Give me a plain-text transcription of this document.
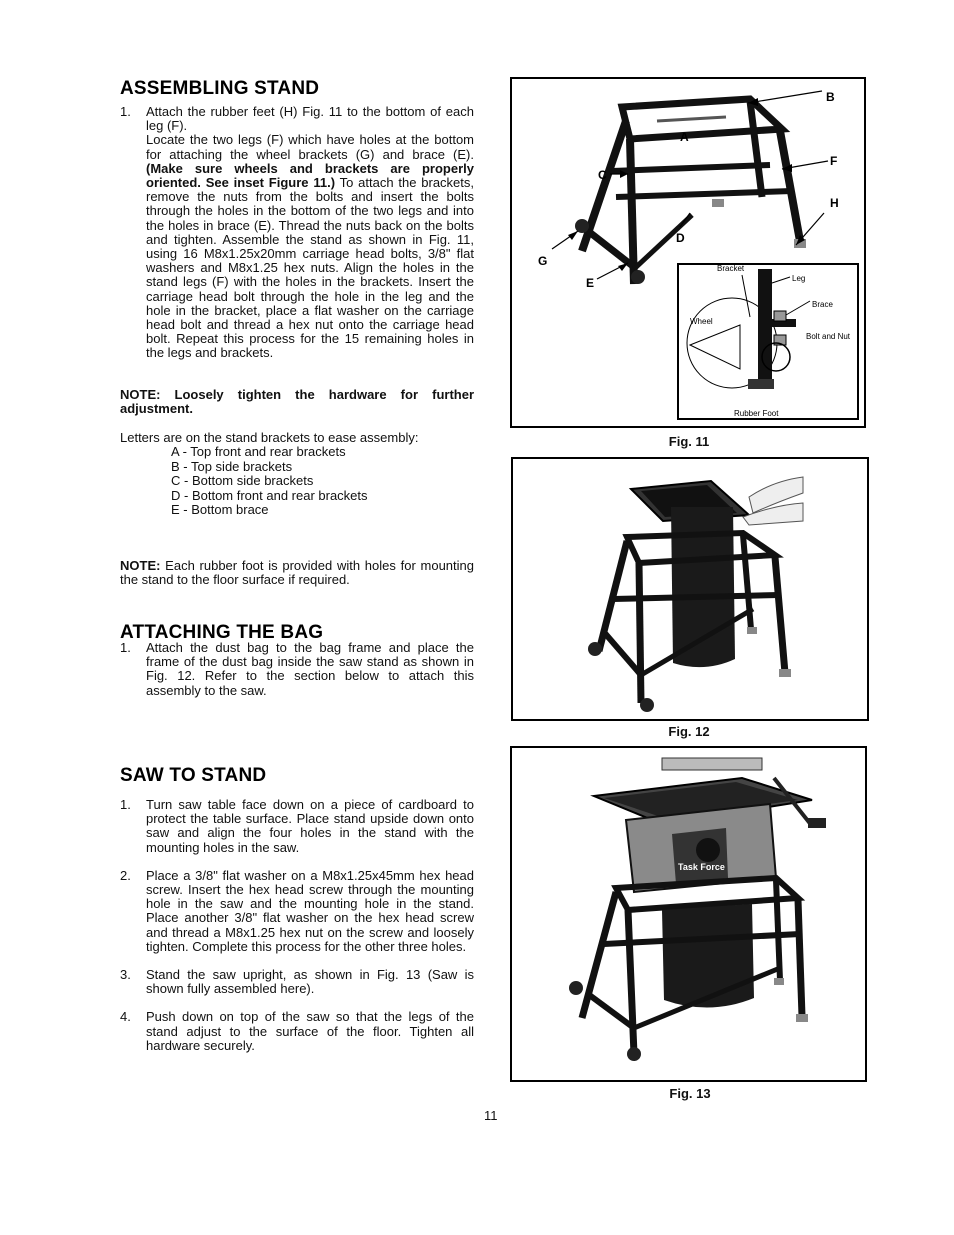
ASSEMBLING STAND
1. Attach the rubber feet (H) Fig. 11 to the bottom of each leg (F).
Locate the two legs (F) which have holes at the bottom for attaching the wheel brackets (G) and brace (E). (Make sure wheels and brackets are properly oriented. See inset Figure 11.) To attach the brackets, remove the nuts from the bolts and insert the bolts through the holes in the bottom of the two legs and into the holes in brace (E). Thread the nuts back on the bolts and tighten. Assemble the stand as shown in Fig. 11, using 16 M8x1.25x20mm carriage head bolts, 3/8" flat washers and M8x1.25 hex nuts. Align the holes in the stand legs (F) with the holes in the brackets. Insert the carriage head bolt through the hole in the leg and the hole in the bracket, place a flat washer on the carriage head bolt and thread a hex nut onto the carriage head bolt. Repeat this process for the 15 remaining holes in the legs and brackets.
NOTE: Loosely tighten the hardware for further adjustment.
Letters are on the stand brackets to ease assembly:
A - Top front and rear brackets
B - Top side brackets
C - Bottom side brackets
D - Bottom front and rear brackets
E - Bottom brace
NOTE: Each rubber foot is provided with holes for mounting the stand to the floor surface if required.
ATTACHING THE BAG
1. Attach the dust bag to the bag frame and place the frame of the dust bag inside the saw stand as shown in Fig. 12. Refer to the section below to attach this assembly to the saw.
SAW TO STAND
1. Turn saw table face down on a piece of cardboard to protect the table surface. Place stand upside down onto saw and align the four holes in the stand with the mounting holes in the saw.
2. Place a 3/8" flat washer on a M8x1.25x45mm hex head screw. Insert the hex head screw through the mounting hole in the saw and the mounting hole in the stand. Place another 3/8" flat washer on the hex head screw and thread a M8x1.25 hex nut on the screw and loosely tighten. Complete this process for the other three holes.
3. Stand the saw upright, as shown in Fig. 13 (Saw is shown fully assembled here).
4. Push down on top of the saw so that the legs of the stand adjust to the surface of the floor. Tighten all hardware securely.
B
A
F
C
H
D
G
E
Bracket
Leg
Brace
Wheel
Bolt and Nut
Rubber Foot
Fig. 11
Fig. 12
Task Force
Fig. 13
11
